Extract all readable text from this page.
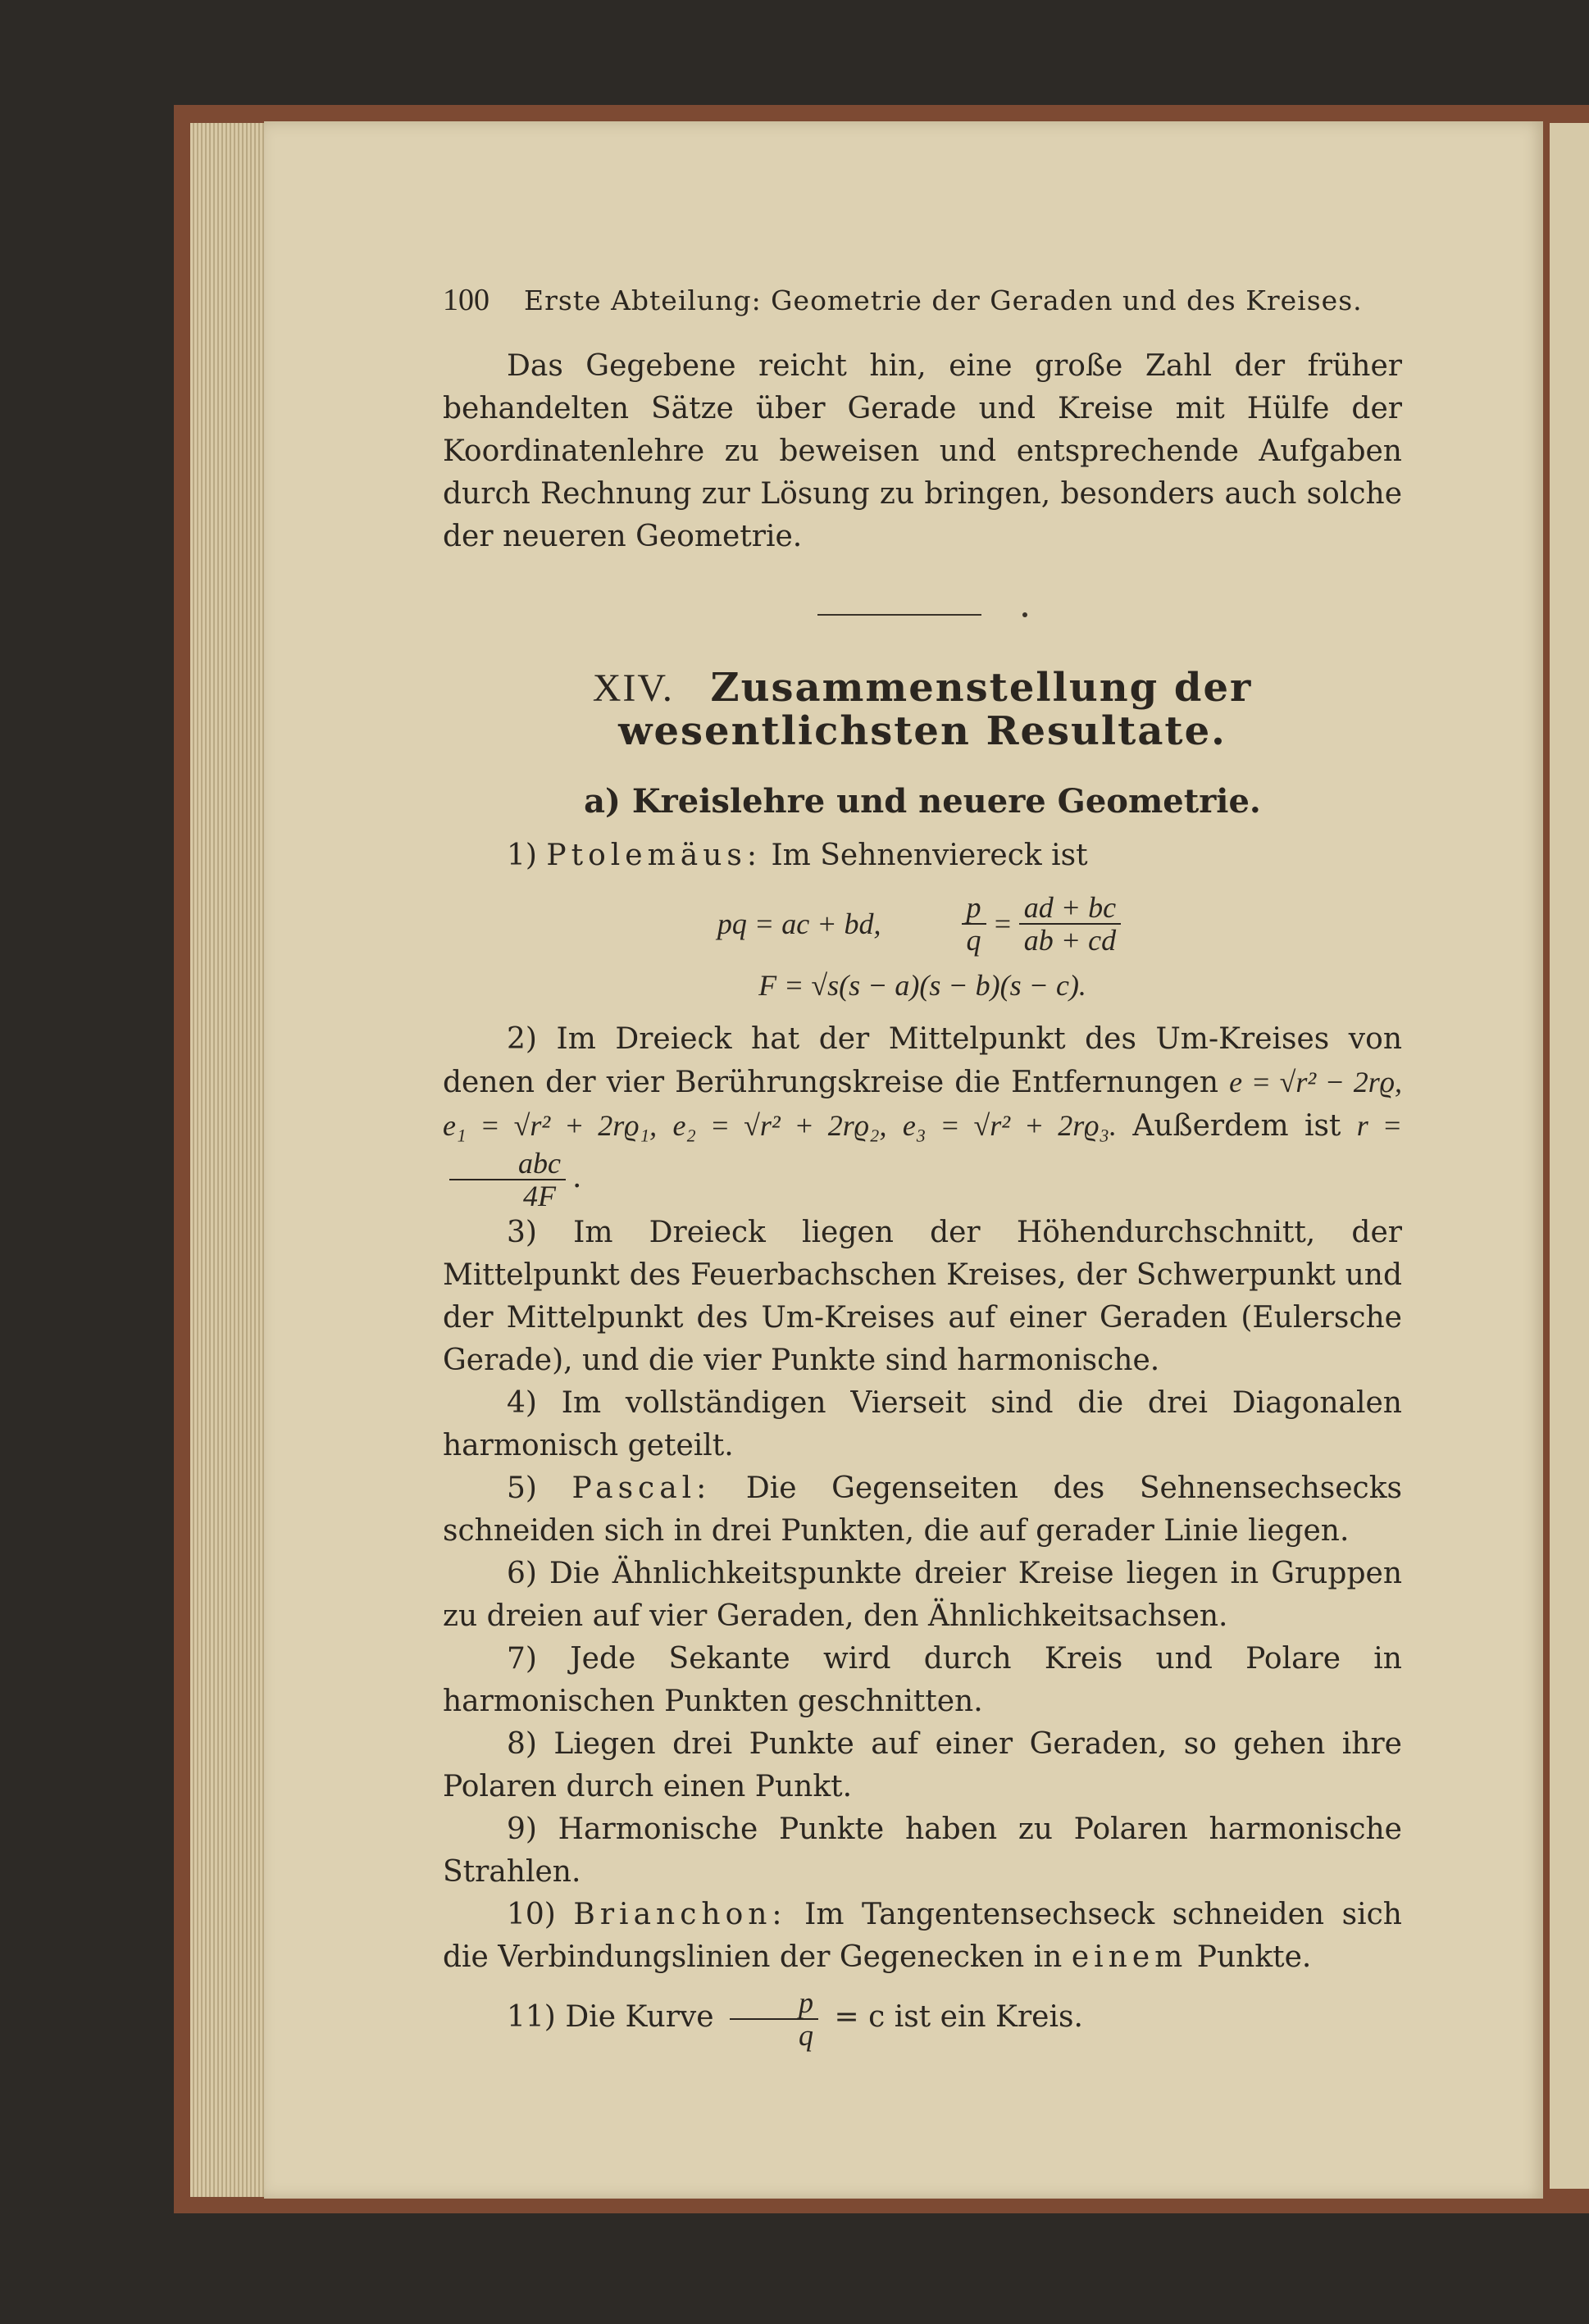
100 Erste Abteilung: Geometrie der Geraden und des Kreises.

Das Gegebene reicht hin, eine große Zahl der früher behandelten Sätze über Gerade und Kreise mit Hülfe der Koordinatenlehre zu beweisen und entsprechende Aufgaben durch Rechnung zur Lösung zu bringen, besonders auch solche der neueren Geometrie.

XIV. Zusammenstellung der wesentlichsten Resultate.
a) Kreislehre und neuere Geometrie.

1) Ptolemäus: Im Sehnenviereck ist

pq = ac + bd,	$\frac{p}{q} = \frac{ad + bc}{ab + cd}$
F = √s(s − a)(s − b)(s − c).

2) Im Dreieck hat der Mittelpunkt des Um-Kreises von denen der vier Berührungskreise die Entfernungen e = √r² − 2rϱ, e₁ = √r² + 2rϱ₁, e₂ = √r² + 2rϱ₂, e₃ = √r² + 2rϱ₃. Außerdem ist r =
$\frac{\text{abc}}{4F}$ .

3) Im Dreieck liegen der Höhendurchschnitt, der Mittelpunkt des Feuerbachschen Kreises, der Schwerpunkt und der Mittelpunkt des Um-Kreises auf einer Geraden (Eulersche Gerade), und die vier Punkte sind harmonische.

4) Im vollständigen Vierseit sind die drei Diagonalen harmonisch geteilt.

5) Pascal: Die Gegenseiten des Sehnensechsecks schneiden sich in drei Punkten, die auf gerader Linie liegen.

6) Die Ähnlichkeitspunkte dreier Kreise liegen in Gruppen zu dreien auf vier Geraden, den Ähnlichkeitsachsen.

7) Jede Sekante wird durch Kreis und Polare in harmonischen Punkten geschnitten.

8) Liegen drei Punkte auf einer Geraden, so gehen ihre Polaren durch einen Punkt.

9) Harmonische Punkte haben zu Polaren harmonische Strahlen.

10) Brianchon: Im Tangentensechseck schneiden sich die Verbindungslinien der Gegenecken in einem Punkte.

11) Die Kurve $\frac{p}{q} = c$ ist ein Kreis.
